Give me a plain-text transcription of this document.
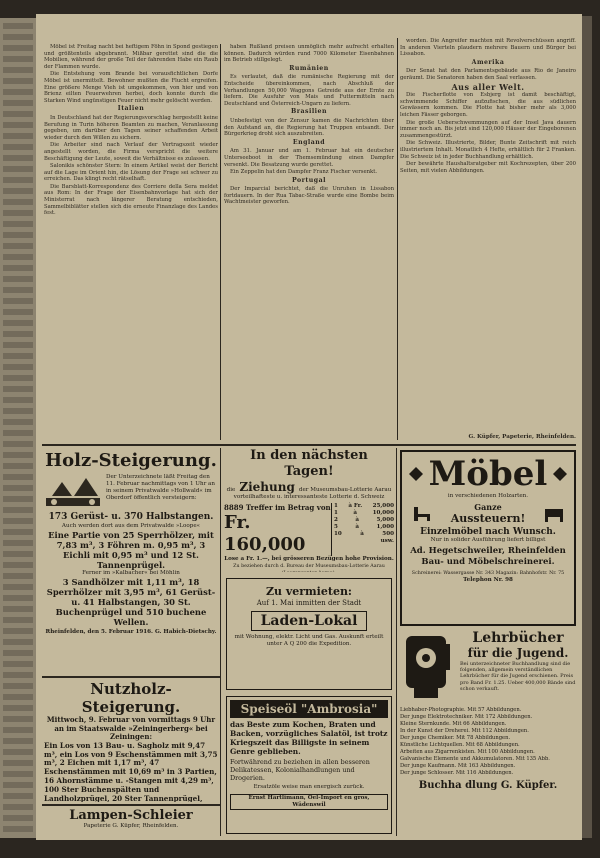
Möbel ist Freitag nacht bei heftigem Föhn in Spond gestiegen und größtenteils abgebrannt. Mißbar gerettet sind die die Mobilien, während der große Teil der fahrenden Habe ein Raub der Flammen wurde.

Die Entstehung vom Brande bei vorausfichtlichen Dorfe Möbel ist unermittelt. Bewohner mußten die Flucht ergreifen. Eine größere Menge Vieh ist umgekommen, von hier und von Brienz eilten Feuerwehren herbei, doch konnte durch die Starken Wind ungünstigen Feuer nicht mehr gelöscht werden.

Italien

In Deutschland hat der Regierungsvorschlag hergestellt keine Berufung in Turin höheren Beamten zu machen, Veranlassung gegeben, um darüber den Tagen seiner schaffenden Arbeit wieder durch den Willen zu sichern.

Die Arbeiter sind nach Verlauf der Vertragszeit wieder angestellt worden, die Firma verspricht die weitere Beschäftigung der Leute, soweit die Verhältnisse es zulassen.

Salonikis schönster Stern: In einem Artikel weist der Bericht auf die Lage im Orient hin, die Lösung der Frage sei schwer zu erreichen. Das klingt recht rätselhaft.

Die Barsblatt-Korrespondenz des Corriere della Sera meldet aus Rom: In der Frage der Eisenbahnvorlage hat sich der Ministerrat nach längerer Beratung entschieden, Sammelbiblätter stellen sich die erneute Finanzlage des Landes fest.

haben Rußland preisen unmöglich mehr aufrecht erhalten können. Dadurch würden rund 7000 Kilometer Eisenbahnen im Betrieb stillgelegt.

Rumänien

Es verlautet, daß die rumänische Regierung mit der Entscheide übereinkommen, nach Abschluß der Verhandlungen 50,000 Waggons Getreide aus der Ernte zu liefern. Die Ausfuhr von Mais und Futtermitteln nach Deutschland und Österreich-Ungarn zu liefern.

Brasilien

Unbefestigt von der Zensur kamen die Nachrichten über den Aufstand an, die Regierung hat Truppen entsandt. Der Bürgerkrieg droht sich auszubreiten.

England

Am 31. Januar und am 1. Februar hat ein deutscher Unterseeboot in der Themsemündung einen Dampfer versenkt. Die Besatzung wurde gerettet.

Ein Zeppelin hat den Dampfer Franz Fischer versenkt.

Portugal

Der Imparcial berichtet, daß die Unruhen in Lissabon fortdauern. In der Rua Tabac-Straße wurde eine Bombe beim Wachtmeister geworfen.

worden. Die Angreifer machten mit Revolverschüssen angriff. In anderen Vierteln plaudern mehrere Bauern und Bürger bei Lissabon.

Amerika

Der Senat hat den Parlamentsgebäude aus Rio de Janeiro geräumt. Die Senatoren haben den Saal verlassen.

Aus aller Welt.

Die Fischerflotte von Esbjerg ist damit beschäftigt, schwimmende Schiffer aufzufischen, die aus südlichen Gewässern kommen. Die Flotte hat bisher mehr als 3,000 leichen Fässer geborgen.

Die große Ueberschwemmungen auf der Insel Java dauern immer noch an. Bis jetzt sind 120,000 Häuser der Eingeborenen zusammengestürzt.

Die Schweiz. Illustrierte, Bilder, Bunte Zeitschrift mit reich illustriertem Inhalt. Monatlich 4 Hefte, erhältlich für 2 Franken. Die Schweiz ist in jeder Buchhandlung erhältlich.

Der bewährte Haushaltsratgeber mit Kochrezepten, über 200 Seiten, mit vielen Abbildungen.

G. Küpfer, Papeterie, Rheinfelden.
Holz-Steigerung.
Der Unterzeichnete läßt Freitag den 11. Februar nachmittags von 1 Uhr an in seinem Privatwalde »Hollwald« im Oberdorf öffentlich versteigern:
173 Gerüst- u. 370 Halbstangen.
Auch werden dort aus dem Privatwalde »Loope«
Eine Partie von 25 Sperrhölzer, mit 7,83 m³, 3 Föhren m. 0,95 m³, 3 Eichli mit 0,95 m³ und 12 St. Tannenprügel.
Ferner im »Kalbacher« bei Möhlin
3 Sandhölzer mit 1,11 m³, 18 Sperrhölzer mit 3,95 m³, 61 Gerüst- u. 41 Halbstangen, 30 St. Buchenprügel und 510 buchene Wellen.
Rheinfelden, den 5. Februar 1916. G. Habich-Dietschy.
Nutzholz-Steigerung.
Mittwoch, 9. Februar von vormittags 9 Uhr an im Staatswalde »Zeiningerberg« bei Zeiningen:
Ein Los von 13 Bau- u. Sagholz mit 9,47 m³, ein Los von 9 Eschenstämmen mit 3,75 m³, 2 Eichen mit 1,17 m³, 47 Eschenstämmen mit 10,69 m³ in 3 Partien, 16 Ahornstämme u. -Stangen mit 4,29 m³, 100 Ster Buchenspälten und Landholzprügel, 20 Ster Tannenprügel,
Lampen-Schleier
Papeterie G. Küpfer, Rheinfelden.
In den nächsten Tagen!
die Ziehung der Museumsbau-Lotterie Aarau
vorteilhafteste u. interessanteste Lotterie d. Schweiz
8889 Treffer im Betrag von
Fr. 160,000
1 à Fr. 25,000
1	à	10,000
2	à	5,000
5	à	1,000
10	à	500
usw.
Lose a Fr. 1.—, bei grösseren Bezügen hohe Provision.
Zu beziehen durch d. Bureau der Museumsbau-Lotterie Aarau
Zu vermieten:
Auf 1. Mai inmitten der Stadt
Laden-Lokal
mit Wohnung, elektr. Licht und Gas. Auskunft erteilt unter A Q 200 die Expedition.
Speiseöl "Ambrosia"
das Beste zum Kochen, Braten und Backen, vorzügliches Salatöl, ist trotz Kriegszeit das Billigste in seinem Genre geblieben.
Fortwährend zu beziehen in allen besseren Delikatessen, Kolonialhandlungen und Drogerien.
Ersatzöle weise man energisch zurück.
Ernst Härtlimann, Oel-Import en gros, Wädenswil
Möbel
in verschiedenen Holzarten.
Ganze
Aussteuern!
Einzelmöbel nach Wunsch.
Nur in solider Ausführung liefert billigst
Ad. Hegetschweiler, Rheinfelden
Bau- und Möbelschreinerei.
Schreinerei: Wassergasse Nr. 343 Magazin: Bahnhofstr. Nr. 75
Telephon Nr. 98
Lehrbücher
für die Jugend.
Bei unterzeichneter Buchhandlung sind die folgenden, allgemein verständlichen Lehrbücher für die Jugend erschienen. Preis pro Band Fr. 1.25. Ueber 400,000 Bände sind schon verkauft.
Liebhaber-Photographie. Mit 57 Abbildungen.
Der junge Elektrotechniker. Mit 172 Abbildungen.
Kleine Sternkunde. Mit 66 Abbildungen.
In der Kunst der Dreherei. Mit 112 Abbildungen.
Der junge Chemiker. Mit 78 Abbildungen.
Künstliche Lichtquellen. Mit 68 Abbildungen.
Arbeiten aus Zigarrenkisten. Mit 100 Abbildungen.
Galvanische Elemente und Akkumulatoren. Mit 135 Abb.
Der junge Kaufmann. Mit 163 Abbildungen.
Der junge Schlosser. Mit 116 Abbildungen.
Buchha dlung G. Küpfer.
